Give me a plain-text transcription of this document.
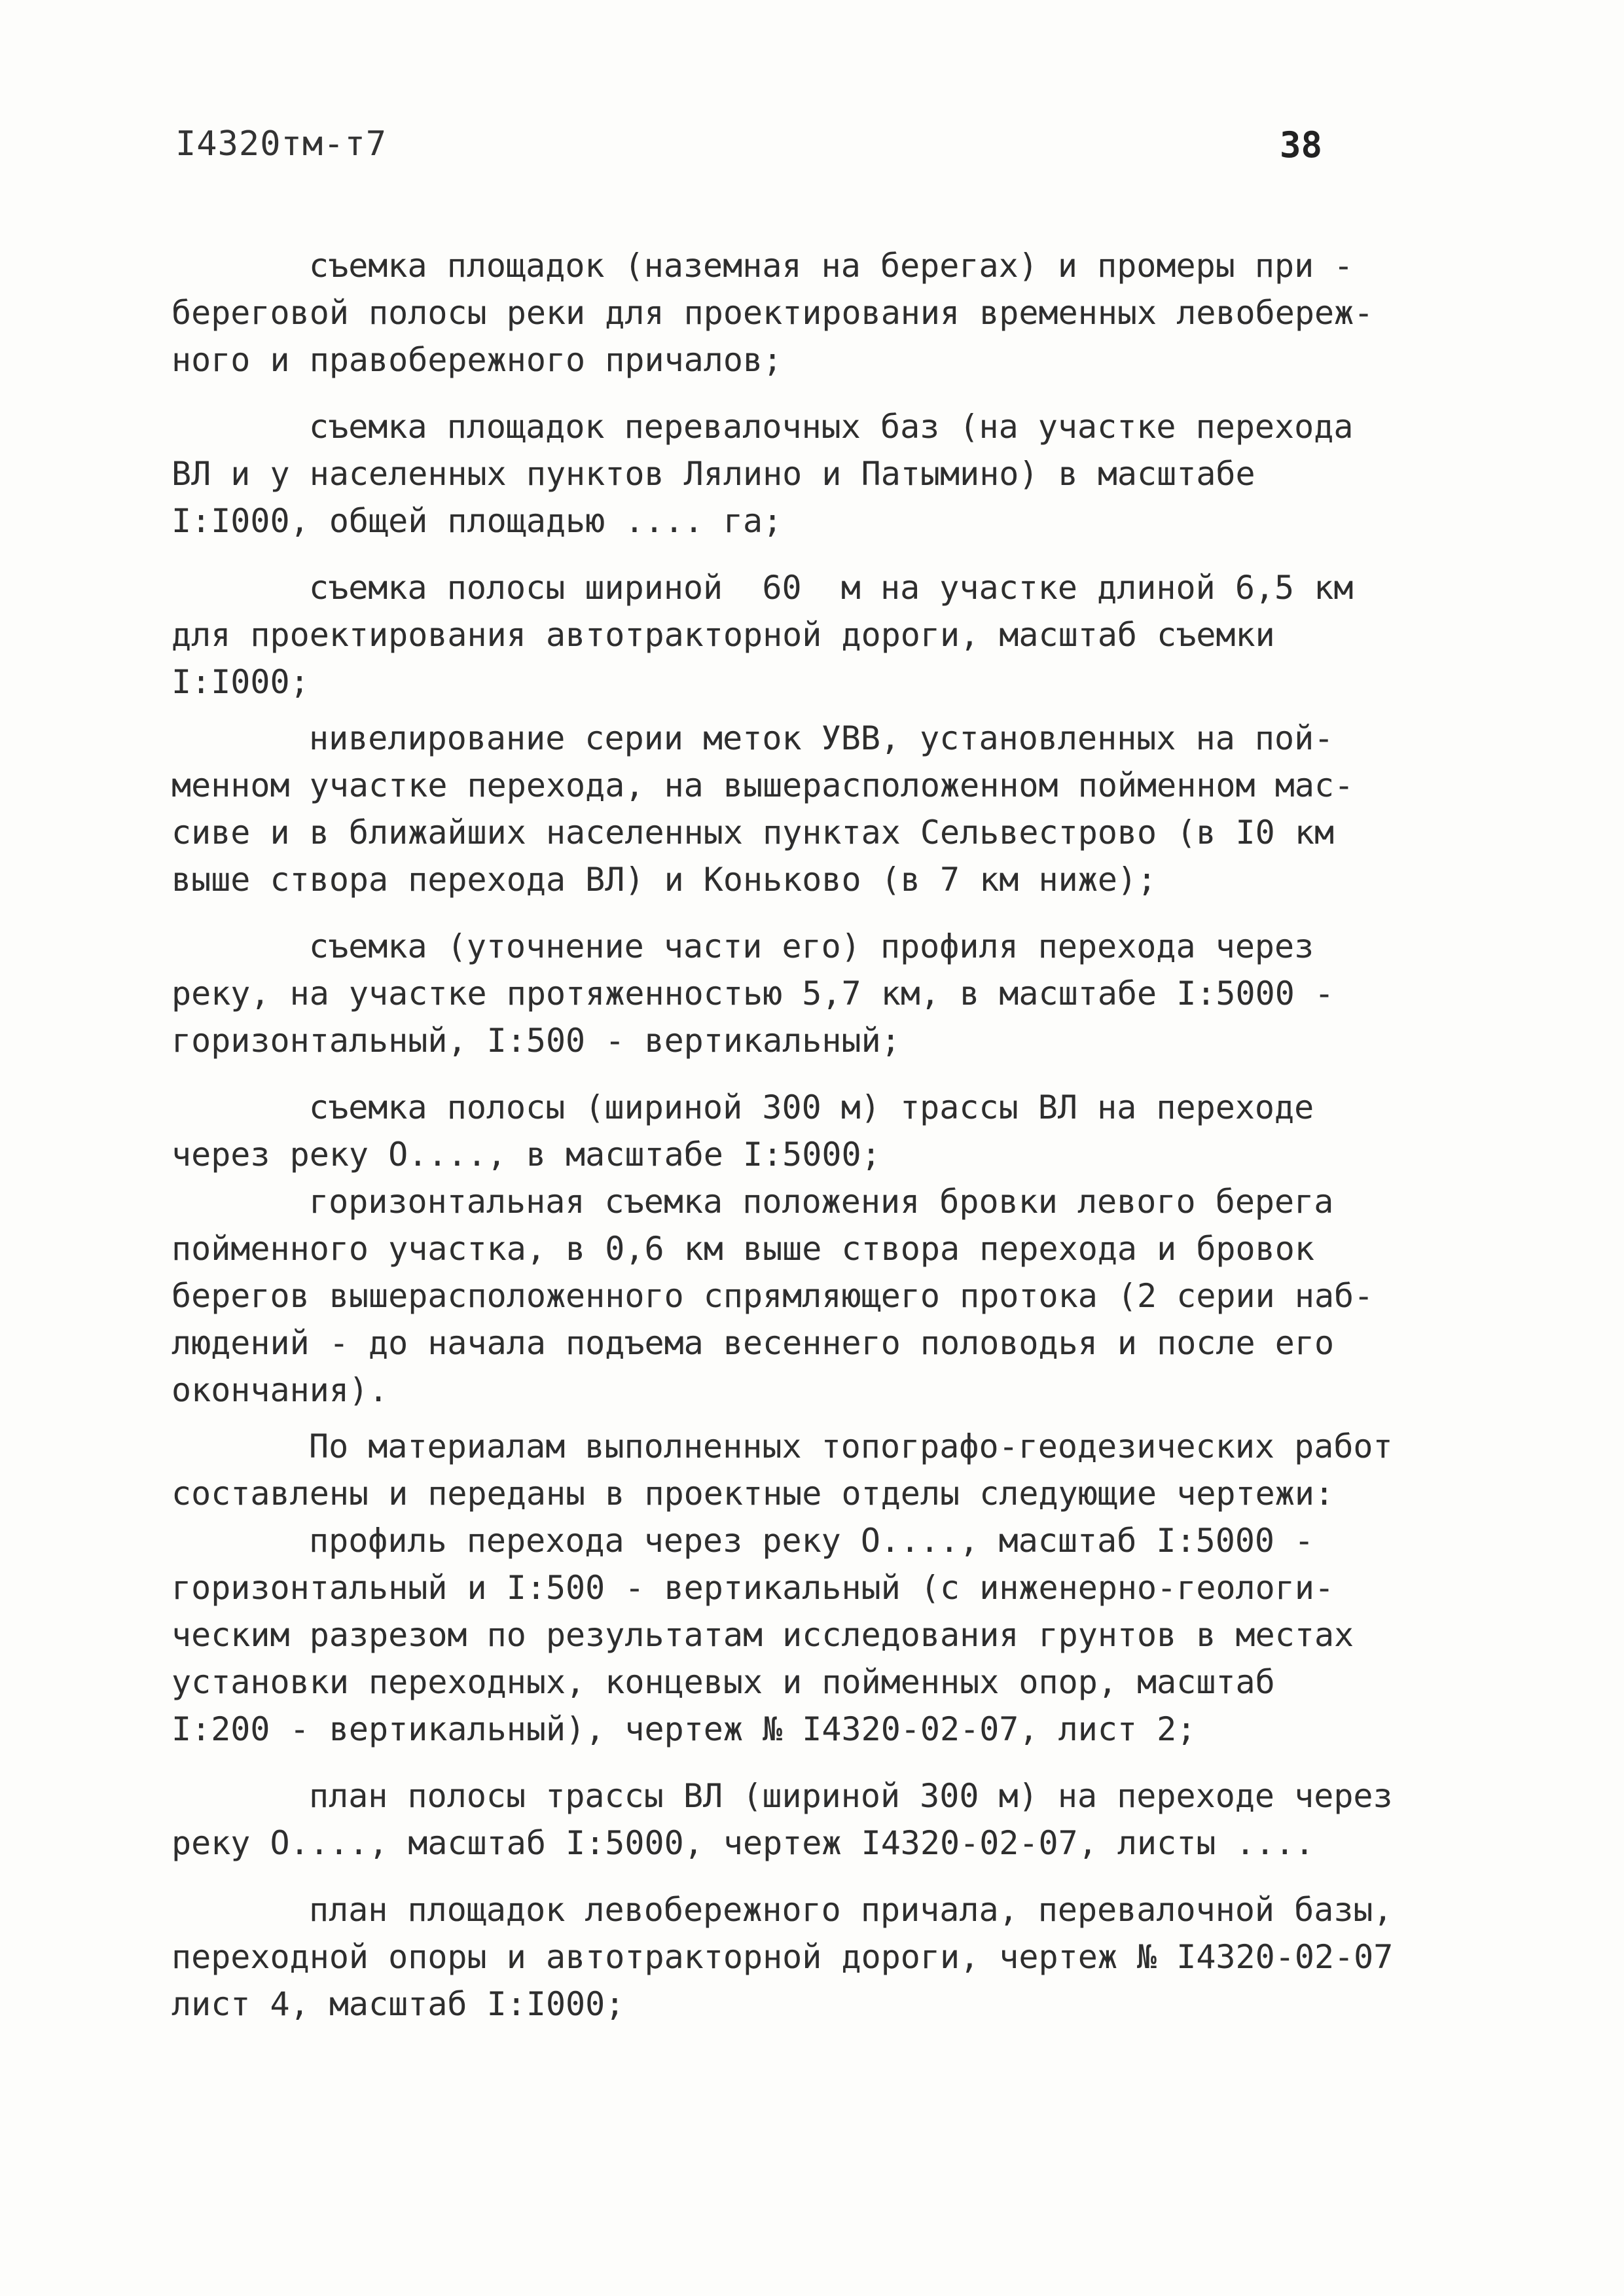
I4320тм-т7	38
съемка площадок (наземная на берегах) и промеры при -
береговой полосы реки для проектирования временных левобереж-
ного и правобережного причалов;
съемка площадок перевалочных баз (на участке перехода
ВЛ и у населенных пунктов Лялино и Патымино) в масштабе
I:I000, общей площадью .... га;
съемка полосы шириной  60  м на участке длиной 6,5 км
для проектирования автотракторной дороги, масштаб съемки
I:I000;
нивелирование серии меток УВВ, установленных на пой-
менном участке перехода, на вышерасположенном пойменном мас-
сиве и в ближайших населенных пунктах Сельвестрово (в I0 км
выше створа перехода ВЛ) и Коньково (в 7 км ниже);
съемка (уточнение части его) профиля перехода через
реку, на участке протяженностью 5,7 км, в масштабе I:5000 -
горизонтальный, I:500 - вертикальный;
съемка полосы (шириной 300 м) трассы ВЛ на переходе
через реку О...., в масштабе I:5000;
горизонтальная съемка положения бровки левого берега
пойменного участка, в 0,6 км выше створа перехода и бровок
берегов вышерасположенного спрямляющего протока (2 серии наб-
людений - до начала подъема весеннего половодья и после его
окончания).
По материалам выполненных топографо-геодезических работ
составлены и переданы в проектные отделы следующие чертежи:
профиль перехода через реку О...., масштаб I:5000 -
горизонтальный и I:500 - вертикальный (с инженерно-геологи-
ческим разрезом по результатам исследования грунтов в местах
установки переходных, концевых и пойменных опор, масштаб
I:200 - вертикальный), чертеж № I4320-02-07, лист 2;
план полосы трассы ВЛ (шириной 300 м) на переходе через
реку О...., масштаб I:5000, чертеж I4320-02-07, листы ....
план площадок левобережного причала, перевалочной базы,
переходной опоры и автотракторной дороги, чертеж № I4320-02-07
лист 4, масштаб I:I000;
